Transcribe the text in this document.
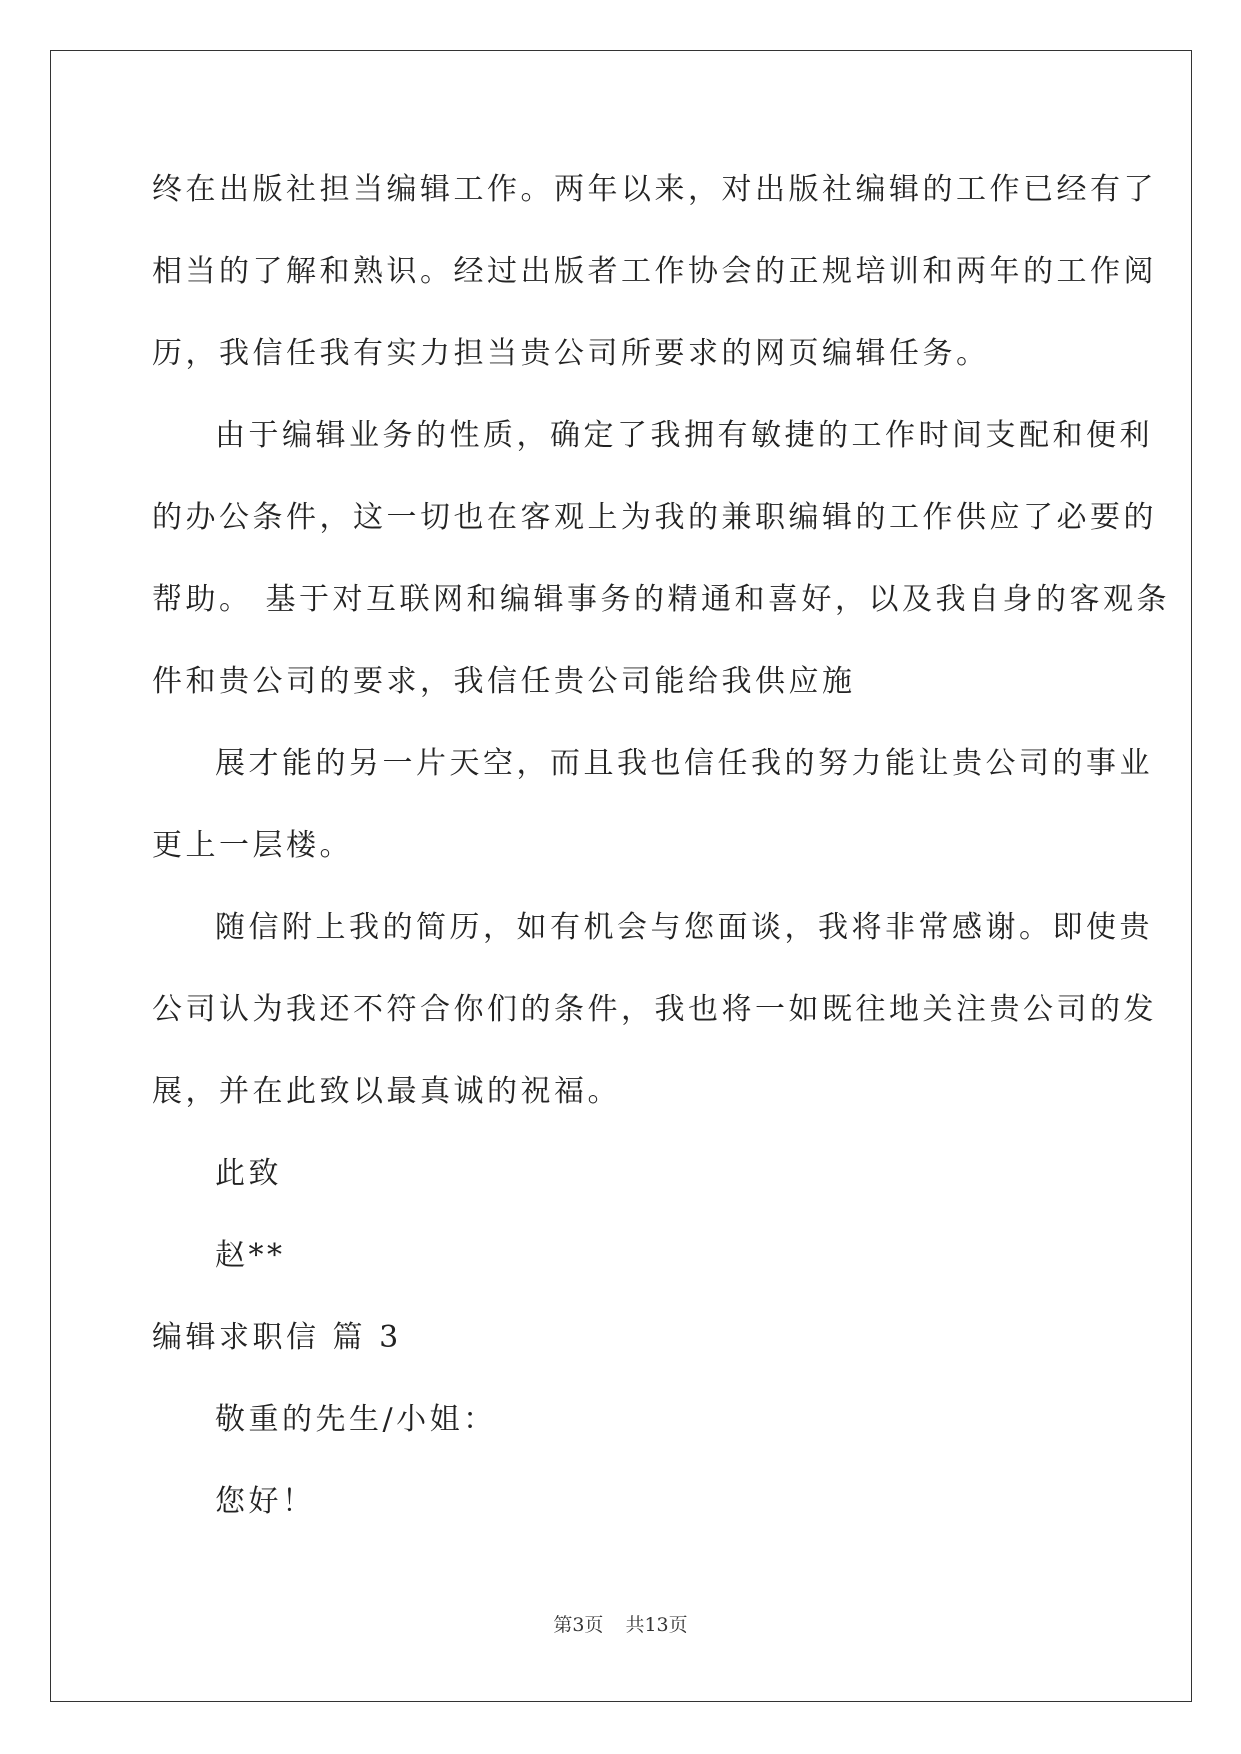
终在出版社担当编辑工作。两年以来，对出版社编辑的工作已经有了
相当的了解和熟识。经过出版者工作协会的正规培训和两年的工作阅
历，我信任我有实力担当贵公司所要求的网页编辑任务。
由于编辑业务的性质，确定了我拥有敏捷的工作时间支配和便利
的办公条件，这一切也在客观上为我的兼职编辑的工作供应了必要的
帮助。 基于对互联网和编辑事务的精通和喜好，以及我自身的客观条
件和贵公司的要求，我信任贵公司能给我供应施
展才能的另一片天空，而且我也信任我的努力能让贵公司的事业
更上一层楼。
随信附上我的简历，如有机会与您面谈，我将非常感谢。即使贵
公司认为我还不符合你们的条件，我也将一如既往地关注贵公司的发
展，并在此致以最真诚的祝福。
此致
赵**
编辑求职信 篇 3
敬重的先生/小姐：
您好！
第3页 共13页
